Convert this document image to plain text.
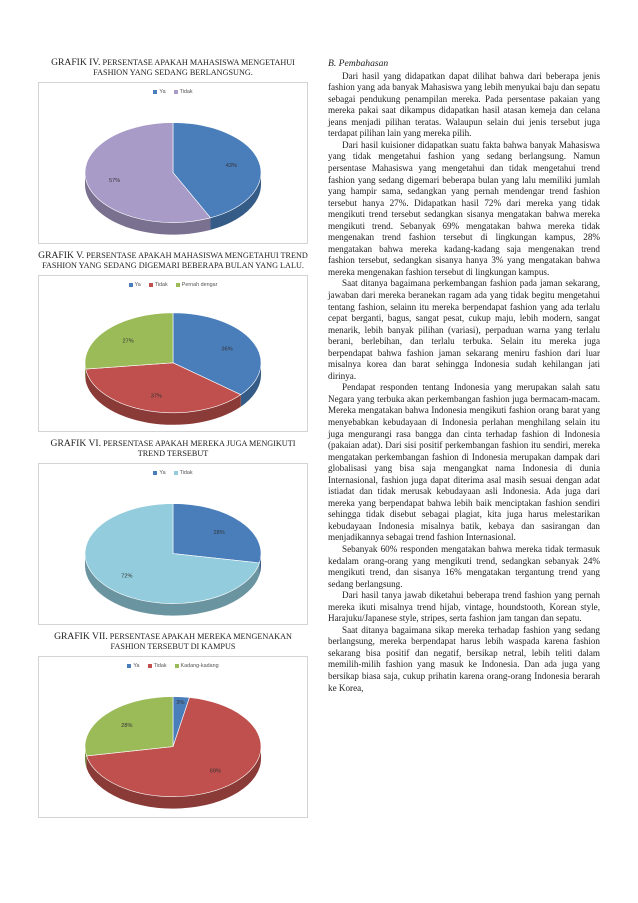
GRAFIK IV. PERSENTASE APAKAH MAHASISWA MENGETAHUI FASHION YANG SEDANG BERLANGSUNG.

Ya	Tidak
43%
57%

GRAFIK V. PERSENTASE APAKAH MAHASISWA MENGETAHUI TREND FASHION YANG SEDANG DIGEMARI BEBERAPA BULAN YANG LALU.

Ya	Tidak	Pernah dengar
36%
37%
27%

GRAFIK VI. PERSENTASE APAKAH MEREKA JUGA MENGIKUTI TREND TERSEBUT

Ya	Tidak
28%
72%

GRAFIK VII. PERSENTASE APAKAH MEREKA MENGENAKAN FASHION TERSEBUT DI KAMPUS

Ya	Tidak	Kadang-kadang
3%
69%
28%

B. Pembahasan

Dari hasil yang didapatkan dapat dilihat bahwa dari beberapa jenis fashion yang ada banyak Mahasiswa yang lebih menyukai baju dan sepatu sebagai pendukung penampilan mereka. Pada persentase pakaian yang mereka pakai saat dikampus didapatkan hasil atasan kemeja dan celana jeans menjadi pilihan teratas. Walaupun selain dui jenis tersebut juga terdapat pilihan lain yang mereka pilih.

Dari hasil kuisioner didapatkan suatu fakta bahwa banyak Mahasiswa yang tidak mengetahui fashion yang sedang berlangsung. Namun persentase Mahasiswa yang mengetahui dan tidak mengetahui trend fashion yang sedang digemari beberapa bulan yang lalu memiliki jumlah yang hampir sama, sedangkan yang pernah mendengar trend fashion tersebut hanya 27%. Didapatkan hasil 72% dari mereka yang tidak mengikuti trend tersebut sedangkan sisanya mengatakan bahwa mereka mengikuti trend. Sebanyak 69% mengatakan bahwa mereka tidak mengenakan trend fashion tersebut di lingkungan kampus, 28% mengatakan bahwa mereka kadang-kadang saja mengenakan trend fashion tersebut, sedangkan sisanya hanya 3% yang mengatakan bahwa mereka mengenakan fashion tersebut di lingkungan kampus.

Saat ditanya bagaimana perkembangan fashion pada jaman sekarang, jawaban dari mereka beranekan ragam ada yang tidak begitu mengetahui tentang fashion, selainn itu mereka berpendapat fashion yang ada terlalu cepat berganti, bagus, sangat pesat, cukup maju, lebih modern, sangat menarik, lebih banyak pilihan (variasi), perpaduan warna yang terlalu berani, berlebihan, dan terlalu terbuka. Selain itu mereka juga berpendapat bahwa fashion jaman sekarang meniru fashion dari luar misalnya korea dan barat sehingga Indonesia sudah kehilangan jati dirinya.

Pendapat responden tentang Indonesia yang merupakan salah satu Negara yang terbuka akan perkembangan fashion juga bermacam-macam. Mereka mengatakan bahwa Indonesia mengikuti fashion orang barat yang menyebabkan kebudayaan di Indonesia perlahan menghilang selain itu juga mengurangi rasa bangga dan cinta terhadap fashion di Indonesia (pakaian adat). Dari sisi positif perkembangan fashion itu sendiri, mereka mengatakan perkembangan fashion di Indonesia merupakan dampak dari globalisasi yang bisa saja mengangkat nama Indonesia di dunia Internasional, fashion juga dapat diterima asal masih sesuai dengan adat istiadat dan tidak merusak kebudayaan asli Indonesia. Ada juga dari mereka yang berpendapat bahwa lebih baik menciptakan fashion sendiri sehingga tidak disebut sebagai plagiat, kita juga harus melestarikan kebudayaan Indonesia misalnya batik, kebaya dan sasirangan dan menjadikannya sebagai trend fashion Internasional.

Sebanyak 60% responden mengatakan bahwa mereka tidak termasuk kedalam orang-orang yang mengikuti trend, sedangkan sebanyak 24% mengikuti trend, dan sisanya 16% mengatakan tergantung trend yang sedang berlangsung.

Dari hasil tanya jawab diketahui beberapa trend fashion yang pernah mereka ikuti misalnya trend hijab, vintage, houndstooth, Korean style, Harajuku/Japanese style, stripes, serta fashion jam tangan dan sepatu.

Saat ditanya bagaimana sikap mereka terhadap fashion yang sedang berlangsung, mereka berpendapat harus lebih waspada karena fashion sekarang bisa positif dan negatif, bersikap netral, lebih teliti dalam memilih-milih fashion yang masuk ke Indonesia. Dan ada juga yang bersikap biasa saja, cukup prihatin karena orang-orang Indonesia berarah ke Korea,
